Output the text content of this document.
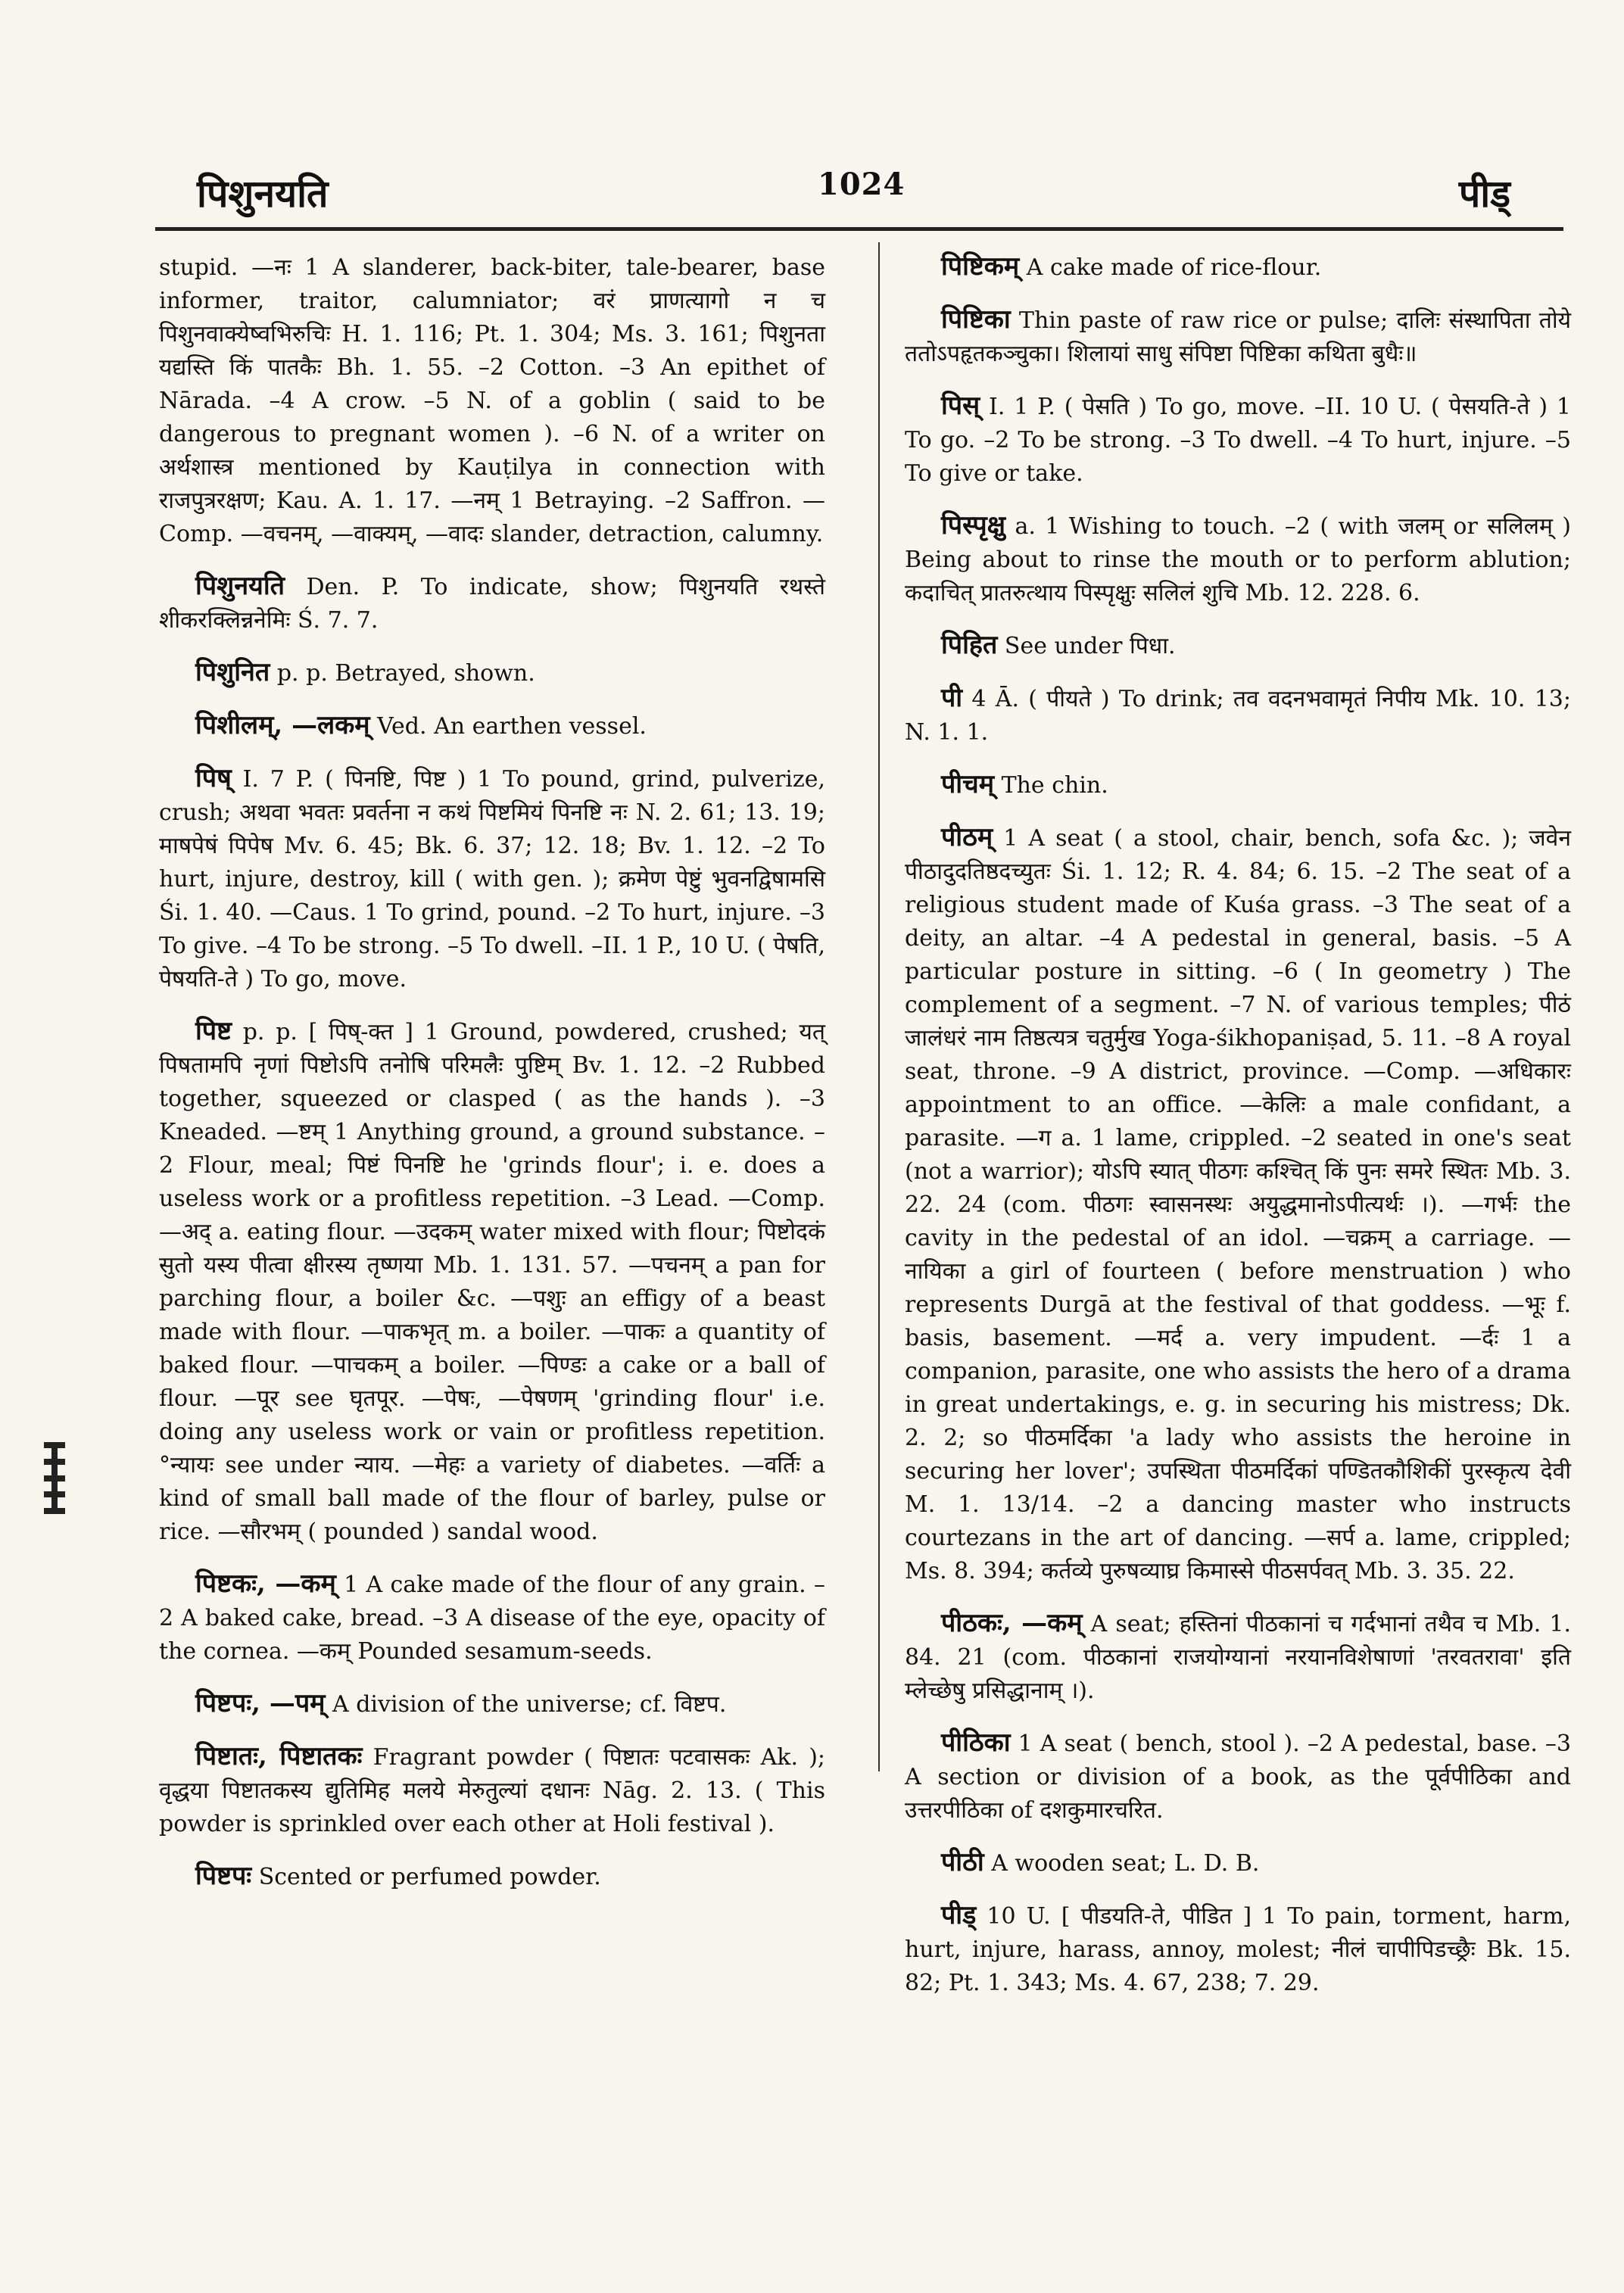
पिशुनयति	1024	पीड्

stupid. —नः 1 A slanderer, back-biter, tale-bearer, base informer, traitor, calumniator; वरं प्राणत्यागो न च पिशुनवाक्येष्वभिरुचिः H. 1. 116; Pt. 1. 304; Ms. 3. 161; पिशुनता यद्यस्ति किं पातकैः Bh. 1. 55. –2 Cotton. –3 An epithet of Nārada. –4 A crow. –5 N. of a goblin ( said to be dangerous to pregnant women ). –6 N. of a writer on अर्थशास्त्र mentioned by Kauṭilya in connection with राजपुत्ररक्षण; Kau. A. 1. 17. —नम् 1 Betraying. –2 Saffron. —Comp. —वचनम्, —वाक्यम्, —वादः slander, detraction, calumny.

पिशुनयति Den. P. To indicate, show; पिशुनयति रथस्ते शीकरक्लिन्ननेमिः Ś. 7. 7.

पिशुनित p. p. Betrayed, shown.

पिशीलम्, —लकम् Ved. An earthen vessel.

पिष् I. 7 P. ( पिनष्टि, पिष्ट ) 1 To pound, grind, pulverize, crush; अथवा भवतः प्रवर्तना न कथं पिष्टमियं पिनष्टि नः N. 2. 61; 13. 19; माषपेषं पिपेष Mv. 6. 45; Bk. 6. 37; 12. 18; Bv. 1. 12. –2 To hurt, injure, destroy, kill ( with gen. ); क्रमेण पेष्टुं भुवनद्विषामसि Śi. 1. 40. —Caus. 1 To grind, pound. –2 To hurt, injure. –3 To give. –4 To be strong. –5 To dwell. –II. 1 P., 10 U. ( पेषति, पेषयति-ते ) To go, move.

पिष्ट p. p. [ पिष्-क्त ] 1 Ground, powdered, crushed; यत् पिषतामपि नृणां पिष्टोऽपि तनोषि परिमलैः पुष्टिम् Bv. 1. 12. –2 Rubbed together, squeezed or clasped ( as the hands ). –3 Kneaded. —ष्टम् 1 Anything ground, a ground substance. –2 Flour, meal; पिष्टं पिनष्टि he 'grinds flour'; i. e. does a useless work or a profitless repetition. –3 Lead. —Comp. —अद् a. eating flour. —उदकम् water mixed with flour; पिष्टोदकं सुतो यस्य पीत्वा क्षीरस्य तृष्णया Mb. 1. 131. 57. —पचनम् a pan for parching flour, a boiler &c. —पशुः an effigy of a beast made with flour. —पाकभृत् m. a boiler. —पाकः a quantity of baked flour. —पाचकम् a boiler. —पिण्डः a cake or a ball of flour. —पूर see घृतपूर. —पेषः, —पेषणम् 'grinding flour' i.e. doing any useless work or vain or profitless repetition. °न्यायः see under न्याय. —मेहः a variety of diabetes. —वर्तिः a kind of small ball made of the flour of barley, pulse or rice. —सौरभम् ( pounded ) sandal wood.

पिष्टकः, —कम् 1 A cake made of the flour of any grain. –2 A baked cake, bread. –3 A disease of the eye, opacity of the cornea. —कम् Pounded sesamum-seeds.

पिष्टपः, —पम् A division of the universe; cf. विष्टप.

पिष्टातः, पिष्टातकः Fragrant powder ( पिष्टातः पटवासकः Ak. ); वृद्धया पिष्टातकस्य द्युतिमिह मलये मेरुतुल्यां दधानः Nāg. 2. 13. ( This powder is sprinkled over each other at Holi festival ).

पिष्टपः Scented or perfumed powder.

पिष्टिकम् A cake made of rice-flour.

पिष्टिका Thin paste of raw rice or pulse; दालिः संस्थापिता तोये ततोऽपहृतकञ्चुका। शिलायां साधु संपिष्टा पिष्टिका कथिता बुधैः॥

पिस् I. 1 P. ( पेसति ) To go, move. –II. 10 U. ( पेसयति-ते ) 1 To go. –2 To be strong. –3 To dwell. –4 To hurt, injure. –5 To give or take.

पिस्पृक्षु a. 1 Wishing to touch. –2 ( with जलम् or सलिलम् ) Being about to rinse the mouth or to perform ablution; कदाचित् प्रातरुत्थाय पिस्पृक्षुः सलिलं शुचि Mb. 12. 228. 6.

पिहित See under पिधा.

पी 4 Ā. ( पीयते ) To drink; तव वदनभवामृतं निपीय Mk. 10. 13; N. 1. 1.

पीचम् The chin.

पीठम् 1 A seat ( a stool, chair, bench, sofa &c. ); जवेन पीठादुदतिष्ठदच्युतः Śi. 1. 12; R. 4. 84; 6. 15. –2 The seat of a religious student made of Kuśa grass. –3 The seat of a deity, an altar. –4 A pedestal in general, basis. –5 A particular posture in sitting. –6 ( In geometry ) The complement of a segment. –7 N. of various temples; पीठं जालंधरं नाम तिष्ठत्यत्र चतुर्मुख Yoga-śikhopaniṣad, 5. 11. –8 A royal seat, throne. –9 A district, province. —Comp. —अधिकारः appointment to an office. —केलिः a male confidant, a parasite. —ग a. 1 lame, crippled. –2 seated in one's seat (not a warrior); योऽपि स्यात् पीठगः कश्चित् किं पुनः समरे स्थितः Mb. 3. 22. 24 (com. पीठगः स्वासनस्थः अयुद्धमानोऽपीत्यर्थः ।). —गर्भः the cavity in the pedestal of an idol. —चक्रम् a carriage. —नायिका a girl of fourteen ( before menstruation ) who represents Durgā at the festival of that goddess. —भूः f. basis, basement. —मर्द a. very impudent. —र्दः 1 a companion, parasite, one who assists the hero of a drama in great undertakings, e. g. in securing his mistress; Dk. 2. 2; so पीठमर्दिका 'a lady who assists the heroine in securing her lover'; उपस्थिता पीठमर्दिकां पण्डितकौशिकीं पुरस्कृत्य देवी M. 1. 13/14. –2 a dancing master who instructs courtezans in the art of dancing. —सर्प a. lame, crippled; Ms. 8. 394; कर्तव्ये पुरुषव्याघ्र किमास्से पीठसर्पवत् Mb. 3. 35. 22.

पीठकः, —कम् A seat; हस्तिनां पीठकानां च गर्दभानां तथैव च Mb. 1. 84. 21 (com. पीठकानां राजयोग्यानां नरयानविशेषाणां 'तरवतरावा' इति म्लेच्छेषु प्रसिद्धानाम् ।).

पीठिका 1 A seat ( bench, stool ). –2 A pedestal, base. –3 A section or division of a book, as the पूर्वपीठिका and उत्तरपीठिका of दशकुमारचरित.

पीठी A wooden seat; L. D. B.

पीड् 10 U. [ पीडयति-ते, पीडित ] 1 To pain, torment, harm, hurt, injure, harass, annoy, molest; नीलं चापीपिडच्छ्रैः Bk. 15. 82; Pt. 1. 343; Ms. 4. 67, 238; 7. 29.
